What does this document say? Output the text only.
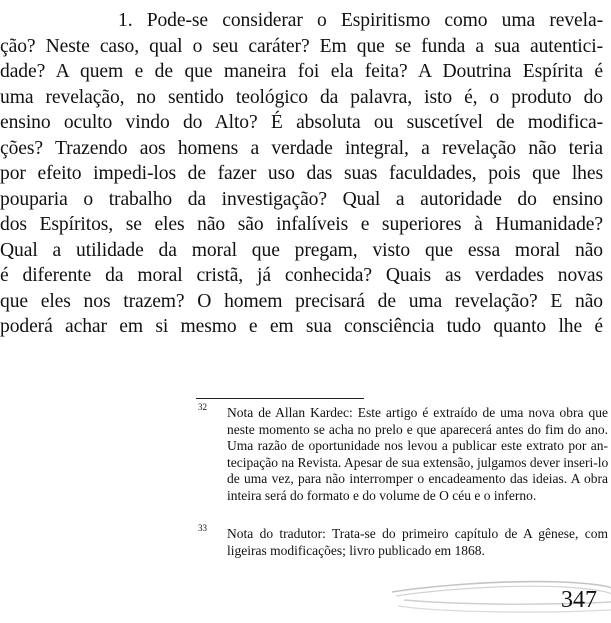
1. Pode-se considerar o Espiritismo como uma revela-
ção? Neste caso, qual o seu caráter? Em que se funda a sua autentici-
dade? A quem e de que maneira foi ela feita? A Doutrina Espírita é
uma revelação, no sentido teológico da palavra, isto é, o produto do
ensino oculto vindo do Alto? É absoluta ou suscetível de modifica-
ções? Trazendo aos homens a verdade integral, a revelação não teria
por efeito impedi-los de fazer uso das suas faculdades, pois que lhes
pouparia o trabalho da investigação? Qual a autoridade do ensino
dos Espíritos, se eles não são infalíveis e superiores à Humanidade?
Qual a utilidade da moral que pregam, visto que essa moral não
é diferente da moral cristã, já conhecida? Quais as verdades novas
que eles nos trazem? O homem precisará de uma revelação? E não
poderá achar em si mesmo e em sua consciência tudo quanto lhe é
32 Nota de Allan Kardec: Este artigo é extraído de uma nova obra que
neste momento se acha no prelo e que aparecerá antes do fim do ano.
Uma razão de oportunidade nos levou a publicar este extrato por an-
tecipação na Revista. Apesar de sua extensão, julgamos dever inseri-lo
de uma vez, para não interromper o encadeamento das ideias. A obra
inteira será do formato e do volume de O céu e o inferno.
33 Nota do tradutor: Trata-se do primeiro capítulo de A gênese, com
ligeiras modificações; livro publicado em 1868.
347
